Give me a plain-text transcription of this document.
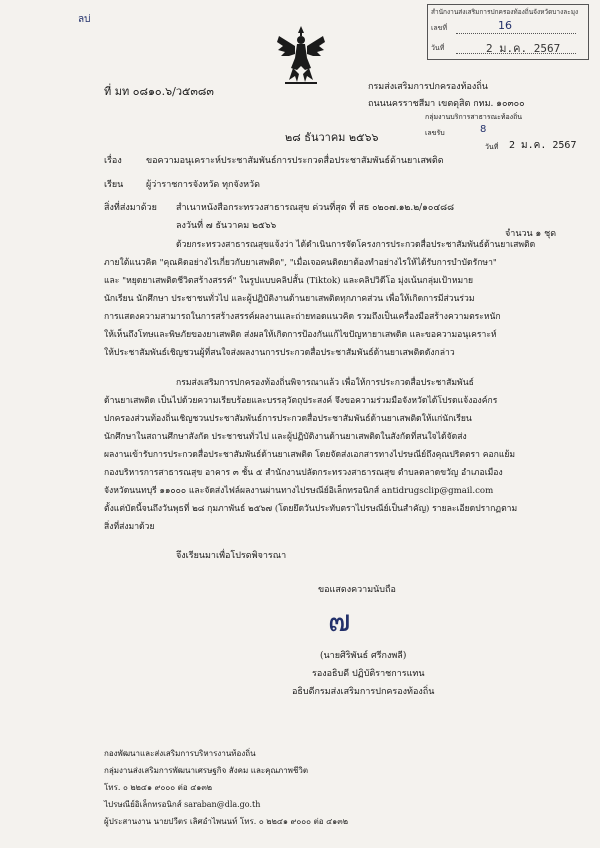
ลบ่
สำนักงานส่งเสริมการปกครองท้องถิ่นจังหวัดบางละมุง
เลขที่	16
วันที่	2 ม.ค. 2567
ที่ มท ๐๘๑๐.๖/ว๕๓๘๓	กรมส่งเสริมการปกครองท้องถิ่น
ถนนนครราชสีมา เขตดุสิต กทม. ๑๐๓๐๐
กลุ่มงานบริการสาธารณะท้องถิ่น
เลขรับ	8
วันที่ 2 ม.ค. 2567
๒๘ ธันวาคม ๒๕๖๖
เรื่อง	ขอความอนุเคราะห์ประชาสัมพันธ์การประกวดสื่อประชาสัมพันธ์ด้านยาเสพติด
เรียน	ผู้ว่าราชการจังหวัด ทุกจังหวัด
สิ่งที่ส่งมาด้วย สำเนาหนังสือกระทรวงสาธารณสุข ด่วนที่สุด ที่ สธ ๐๒๐๗.๑๒.๒/๑๐๔๘๘
ลงวันที่ ๗ ธันวาคม ๒๕๖๖
จำนวน ๑ ชุด
ด้วยกระทรวงสาธารณสุขแจ้งว่า ได้ดำเนินการจัดโครงการประกวดสื่อประชาสัมพันธ์ด้านยาเสพติด
ภายใต้แนวคิด "คุณคิดอย่างไรเกี่ยวกับยาเสพติด", "เมื่อเจอคนติดยาต้องทำอย่างไรให้ได้รับการบำบัดรักษา"
และ "หยุดยาเสพติดชีวิตสร้างสรรค์" ในรูปแบบคลิปสั้น (Tiktok) และคลิปวิดีโอ มุ่งเน้นกลุ่มเป้าหมาย
นักเรียน นักศึกษา ประชาชนทั่วไป และผู้ปฏิบัติงานด้านยาเสพติดทุกภาคส่วน เพื่อให้เกิดการมีส่วนร่วม
การแสดงความสามารถในการสร้างสรรค์ผลงานและถ่ายทอดแนวคิด รวมถึงเป็นเครื่องมือสร้างความตระหนัก
ให้เห็นถึงโทษและพิษภัยของยาเสพติด ส่งผลให้เกิดการป้องกันแก้ไขปัญหายาเสพติด และขอความอนุเคราะห์
ให้ประชาสัมพันธ์เชิญชวนผู้ที่สนใจส่งผลงานการประกวดสื่อประชาสัมพันธ์ด้านยาเสพติดดังกล่าว
กรมส่งเสริมการปกครองท้องถิ่นพิจารณาแล้ว เพื่อให้การประกวดสื่อประชาสัมพันธ์
ด้านยาเสพติด เป็นไปด้วยความเรียบร้อยและบรรลุวัตถุประสงค์ จึงขอความร่วมมือจังหวัดได้โปรดแจ้งองค์กร
ปกครองส่วนท้องถิ่นเชิญชวนประชาสัมพันธ์การประกวดสื่อประชาสัมพันธ์ด้านยาเสพติดให้แก่นักเรียน
นักศึกษาในสถานศึกษาสังกัด ประชาชนทั่วไป และผู้ปฏิบัติงานด้านยาเสพติดในสังกัดที่สนใจได้จัดส่ง
ผลงานเข้ารับการประกวดสื่อประชาสัมพันธ์ด้านยาเสพติด โดยจัดส่งเอกสารทางไปรษณีย์ถึงคุณปริตตรา คอกแย้ม
กองบริหารการสาธารณสุข อาคาร ๓ ชั้น ๕ สำนักงานปลัดกระทรวงสาธารณสุข ตำบลตลาดขวัญ อำเภอเมือง
จังหวัดนนทบุรี ๑๑๐๐๐ และจัดส่งไฟล์ผลงานผ่านทางไปรษณีย์อิเล็กทรอนิกส์ antidrugsclip@gmail.com
ตั้งแต่บัดนี้จนถึงวันพุธที่ ๒๘ กุมภาพันธ์ ๒๕๖๗ (โดยยึดวันประทับตราไปรษณีย์เป็นสำคัญ) รายละเอียดปรากฏตาม
สิ่งที่ส่งมาด้วย
จึงเรียนมาเพื่อโปรดพิจารณา
ขอแสดงความนับถือ
๗
(นายศิริพันธ์ ศรีกงพลี)
รองอธิบดี ปฏิบัติราชการแทน
อธิบดีกรมส่งเสริมการปกครองท้องถิ่น
กองพัฒนาและส่งเสริมการบริหารงานท้องถิ่น
กลุ่มงานส่งเสริมการพัฒนาเศรษฐกิจ สังคม และคุณภาพชีวิต
โทร. ๐ ๒๒๔๑ ๙๐๐๐ ต่อ ๔๑๓๒
ไปรษณีย์อิเล็กทรอนิกส์ saraban@dla.go.th
ผู้ประสานงาน นายปวีตร เลิศอำไพนนท์ โทร. ๐ ๒๒๔๑ ๙๐๐๐ ต่อ ๔๑๓๒
